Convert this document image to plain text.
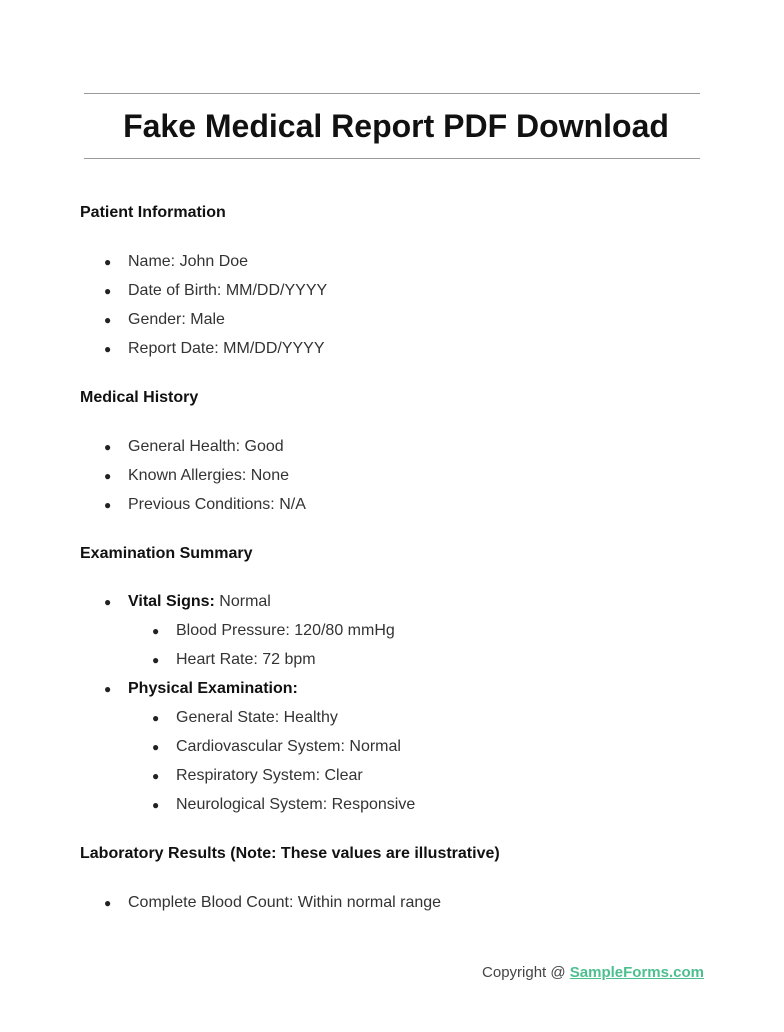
Fake Medical Report PDF Download
Patient Information
● Name: John Doe
● Date of Birth: MM/DD/YYYY
● Gender: Male
● Report Date: MM/DD/YYYY
Medical History
● General Health: Good
● Known Allergies: None
● Previous Conditions: N/A
Examination Summary
● Vital Signs: Normal
● Blood Pressure: 120/80 mmHg
● Heart Rate: 72 bpm
● Physical Examination:
● General State: Healthy
● Cardiovascular System: Normal
● Respiratory System: Clear
● Neurological System: Responsive
Laboratory Results (Note: These values are illustrative)
● Complete Blood Count: Within normal range
Copyright @ SampleForms.com
